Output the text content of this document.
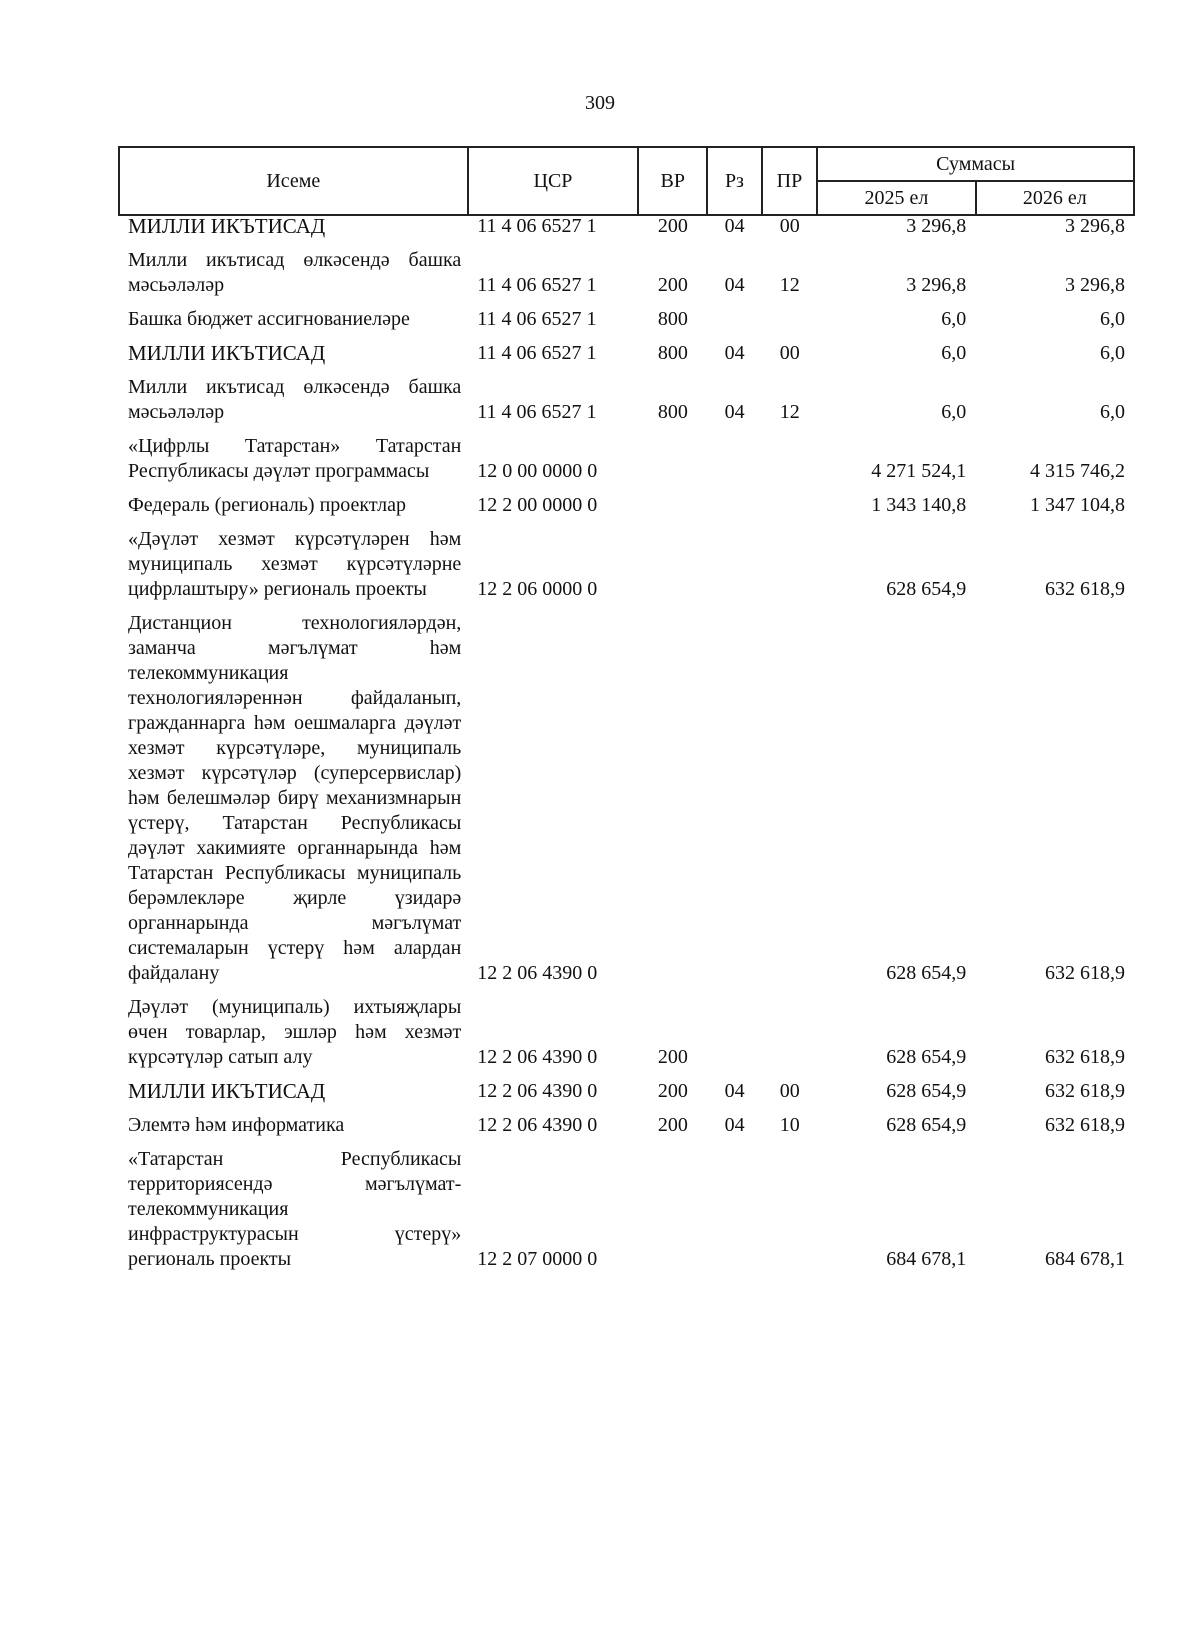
309
Исеме	ЦСР	ВР	Рз	ПР	Суммасы	
					2025 ел	2026 ел
МИЛЛИ ИКЪТИСАД	11 4 06 6527 1	200	04	00	3 296,8	3 296,8
Милли икътисад өлкәсендә башка мәсьәләләр	11 4 06 6527 1	200	04	12	3 296,8	3 296,8
Башка бюджет ассигнованиеләре	11 4 06 6527 1	800			6,0	6,0
МИЛЛИ ИКЪТИСАД	11 4 06 6527 1	800	04	00	6,0	6,0
Милли икътисад өлкәсендә башка мәсьәләләр	11 4 06 6527 1	800	04	12	6,0	6,0
«Цифрлы Татарстан» Татарстан Республикасы дәүләт программасы	12 0 00 0000 0				4 271 524,1	4 315 746,2
Федераль (региональ) проектлар	12 2 00 0000 0				1 343 140,8	1 347 104,8
«Дәүләт хезмәт күрсәтүләрен һәм муниципаль хезмәт күрсәтүләрне цифрлаштыру» региональ проекты	12 2 06 0000 0				628 654,9	632 618,9
Дистанцион технологияләрдән, заманча мәгълүмат һәм телекоммуникация технологияләреннән файдаланып, гражданнарга һәм оешмаларга дәүләт хезмәт күрсәтүләре, муниципаль хезмәт күрсәтүләр (суперсервислар) һәм белешмәләр бирү механизмнарын үстерү, Татарстан Республикасы дәүләт хакимияте органнарында һәм Татарстан Республикасы муниципаль берәмлекләре җирле үзидарә органнарында мәгълүмат системаларын үстерү һәм алардан файдалану	12 2 06 4390 0				628 654,9	632 618,9
Дәүләт (муниципаль) ихтыяҗлары өчен товарлар, эшләр һәм хезмәт күрсәтүләр сатып алу	12 2 06 4390 0	200			628 654,9	632 618,9
МИЛЛИ ИКЪТИСАД	12 2 06 4390 0	200	04	00	628 654,9	632 618,9
Элемтә һәм информатика	12 2 06 4390 0	200	04	10	628 654,9	632 618,9
«Татарстан Республикасы территориясендә мәгълүмат-телекоммуникация инфраструктурасын үстерү» региональ проекты	12 2 07 0000 0				684 678,1	684 678,1
